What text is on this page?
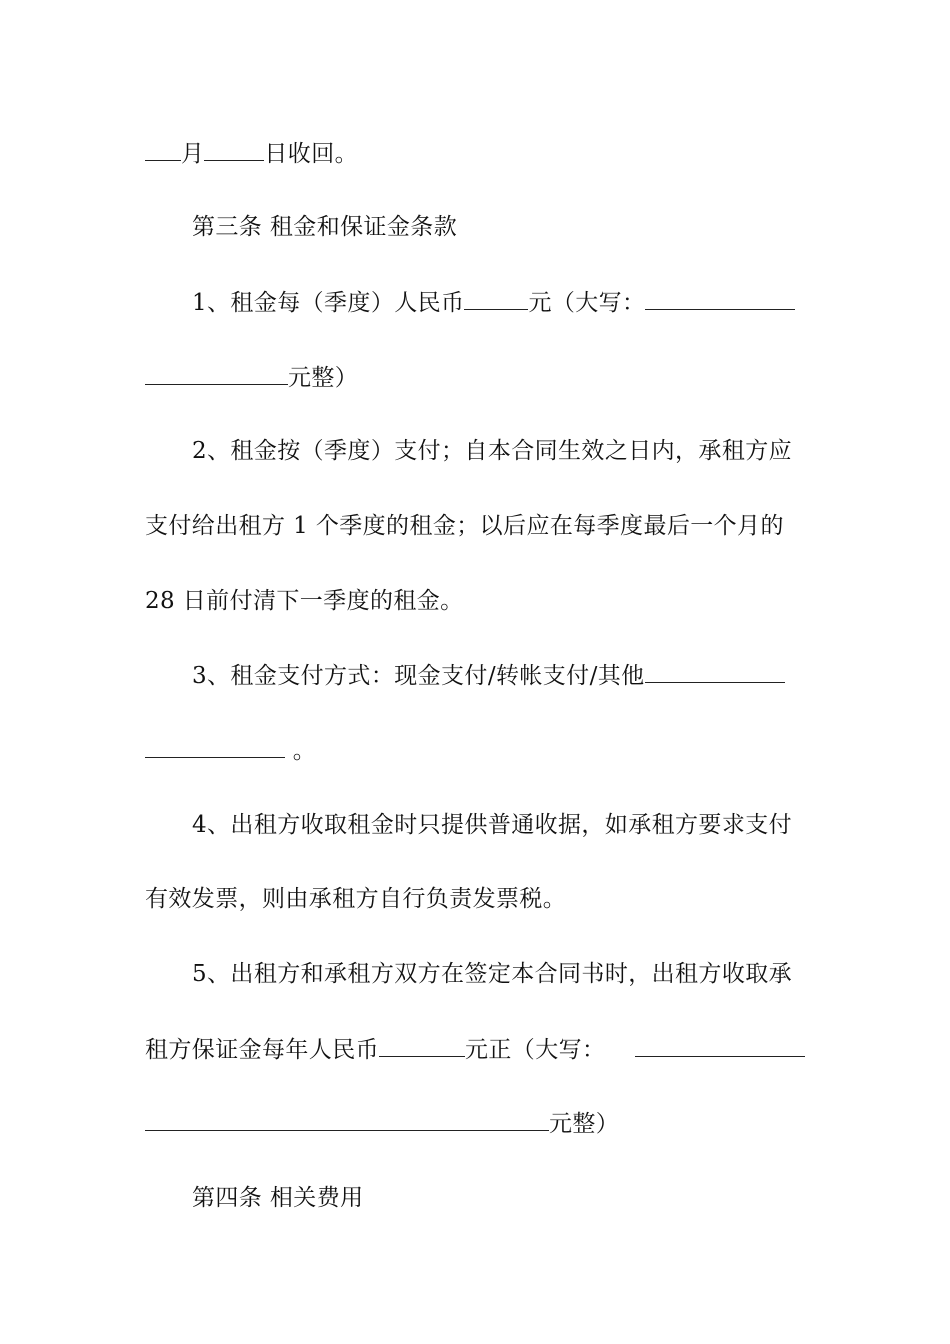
月	日收回。
第三条 租金和保证金条款
1、租金每（季度）人民币	元（大写：
元整）
2、租金按（季度）支付；自本合同生效之日内，承租方应
支付给出租方 1 个季度的租金；以后应在每季度最后一个月的
28 日前付清下一季度的租金。
3、租金支付方式：现金支付/转帐支付/其他
。
4、出租方收取租金时只提供普通收据，如承租方要求支付
有效发票，则由承租方自行负责发票税。
5、出租方和承租方双方在签定本合同书时，出租方收取承
租方保证金每年人民币	元正（大写：
元整）
第四条 相关费用
